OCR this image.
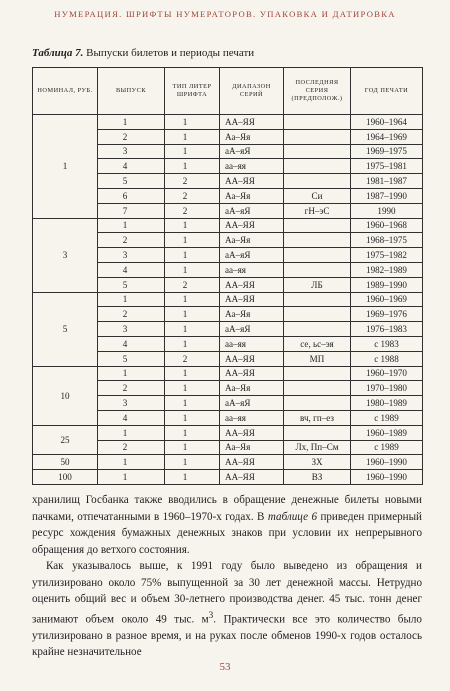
НУМЕРАЦИЯ. ШРИФТЫ НУМЕРАТОРОВ. УПАКОВКА И ДАТИРОВКА
Таблица 7. Выпуски билетов и периоды печати
НОМИНАЛ, РУБ.	ВЫПУСК	ТИП ЛИТЕР ШРИФТА	ДИАПАЗОН СЕРИЙ	ПОСЛЕДНЯЯ СЕРИЯ (ПРЕДПОЛОЖ.)	ГОД ПЕЧАТИ
1	1	1	АА–ЯЯ		1960–1964
	2	1	Аа–Яя		1964–1969
	3	1	аА–яЯ		1969–1975
	4	1	аа–яя		1975–1981
	5	2	АА–ЯЯ		1981–1987
	6	2	Аа–Яя	Си	1987–1990
	7	2	аА–яЯ	гН–эС	1990
3	1	1	АА–ЯЯ		1960–1968
	2	1	Аа–Яя		1968–1975
	3	1	аА–яЯ		1975–1982
	4	1	аа–яя		1982–1989
	5	2	АА–ЯЯ	ЛБ	1989–1990
5	1	1	АА–ЯЯ		1960–1969
	2	1	Аа–Яя		1969–1976
	3	1	аА–яЯ		1976–1983
	4	1	аа–яя	се, ьс–эя	с 1983
	5	2	АА–ЯЯ	МП	с 1988
10	1	1	АА–ЯЯ		1960–1970
	2	1	Аа–Яя		1970–1980
	3	1	аА–яЯ		1980–1989
	4	1	аа–яя	вч, гп–ез	с 1989
25	1	1	АА–ЯЯ		1960–1989
	2	1	Аа–Яя	Лх, Пп–См	с 1989
50	1	1	АА–ЯЯ	ЗХ	1960–1990
100	1	1	АА–ЯЯ	ВЗ	1960–1990

хранилищ Госбанка также вводились в обращение денежные билеты новыми пачками, отпечатанными в 1960–1970-х годах. В таблице 6 приведен примерный ресурс хождения бумажных денежных знаков при условии их непрерывного обращения до ветхого состояния.

Как указывалось выше, к 1991 году было выведено из обращения и утилизировано около 75% выпущенной за 30 лет денежной массы. Нетрудно оценить общий вес и объем 30-летнего производства денег. 45 тыс. тонн денег занимают объем около 49 тыс. $м^3$. Практически все это количество было утилизировано в разное время, и на руках после обменов 1990-х годов осталось крайне незначительное

53
